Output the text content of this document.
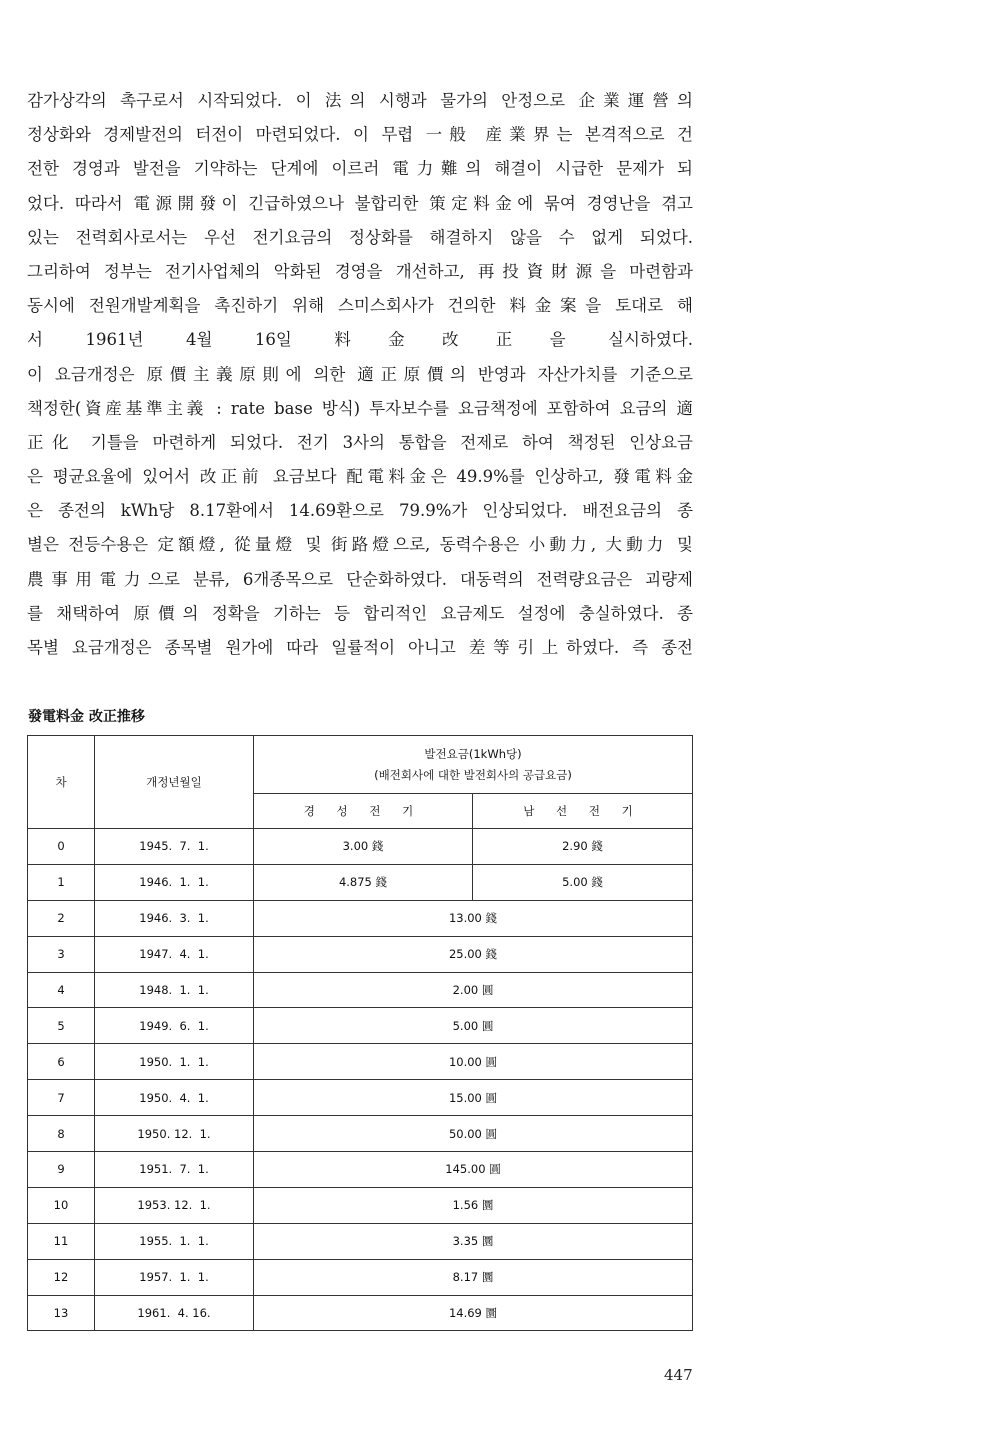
감가상각의 촉구로서 시작되었다. 이 法의 시행과 물가의 안정으로 企業運營의
정상화와 경제발전의 터전이 마련되었다. 이 무렵 一般 産業界는 본격적으로 건
전한 경영과 발전을 기약하는 단계에 이르러 電力難의 해결이 시급한 문제가 되
었다. 따라서 電源開發이 긴급하였으나 불합리한 策定料金에 묶여 경영난을 겪고
있는 전력회사로서는 우선 전기요금의 정상화를 해결하지 않을 수 없게 되었다.
그리하여 정부는 전기사업체의 악화된 경영을 개선하고, 再投資財源을 마련함과
동시에 전원개발계획을 촉진하기 위해 스미스회사가 건의한 料金案을 토대로 해
서 1961년 4월 16일 料金改正을 실시하였다.
이 요금개정은 原價主義原則에 의한 適正原價의 반영과 자산가치를 기준으로
책정한(資産基準主義 : rate base 방식) 투자보수를 요금책정에 포함하여 요금의 適
正化 기틀을 마련하게 되었다. 전기 3사의 통합을 전제로 하여 책정된 인상요금
은 평균요율에 있어서 改正前 요금보다 配電料金은 49.9%를 인상하고, 發電料金
은 종전의 kWh당 8.17환에서 14.69환으로 79.9%가 인상되었다. 배전요금의 종
별은 전등수용은 定額燈, 從量燈 및 街路燈으로, 동력수용은 小動力, 大動力 및
農事用電力으로 분류, 6개종목으로 단순화하였다. 대동력의 전력량요금은 괴량제
를 채택하여 原價의 정확을 기하는 등 합리적인 요금제도 설정에 충실하였다. 종
목별 요금개정은 종목별 원가에 따라 일률적이 아니고 差等引上하였다. 즉 종전
發電料金 改正推移
차	개정년월일	발전요금(1kWh당)
(배전회사에 대한 발전회사의 공급요금)	

		경 성 전 기	남 선 전 기
0	1945.  7.  1.	3.00 錢	2.90 錢
1	1946.  1.  1.	4.875 錢	5.00 錢
2	1946.  3.  1.	13.00 錢	
3	1947.  4.  1.	25.00 錢	
4	1948.  1.  1.	2.00 圓	
5	1949.  6.  1.	5.00 圓	
6	1950.  1.  1.	10.00 圓	
7	1950.  4.  1.	15.00 圓	
8	1950. 12.  1.	50.00 圓	
9	1951.  7.  1.	145.00 圓	
10	1953. 12.  1.	1.56 圜	
11	1955.  1.  1.	3.35 圜	
12	1957.  1.  1.	8.17 圜	
13	1961.  4. 16.	14.69 圜	
447
